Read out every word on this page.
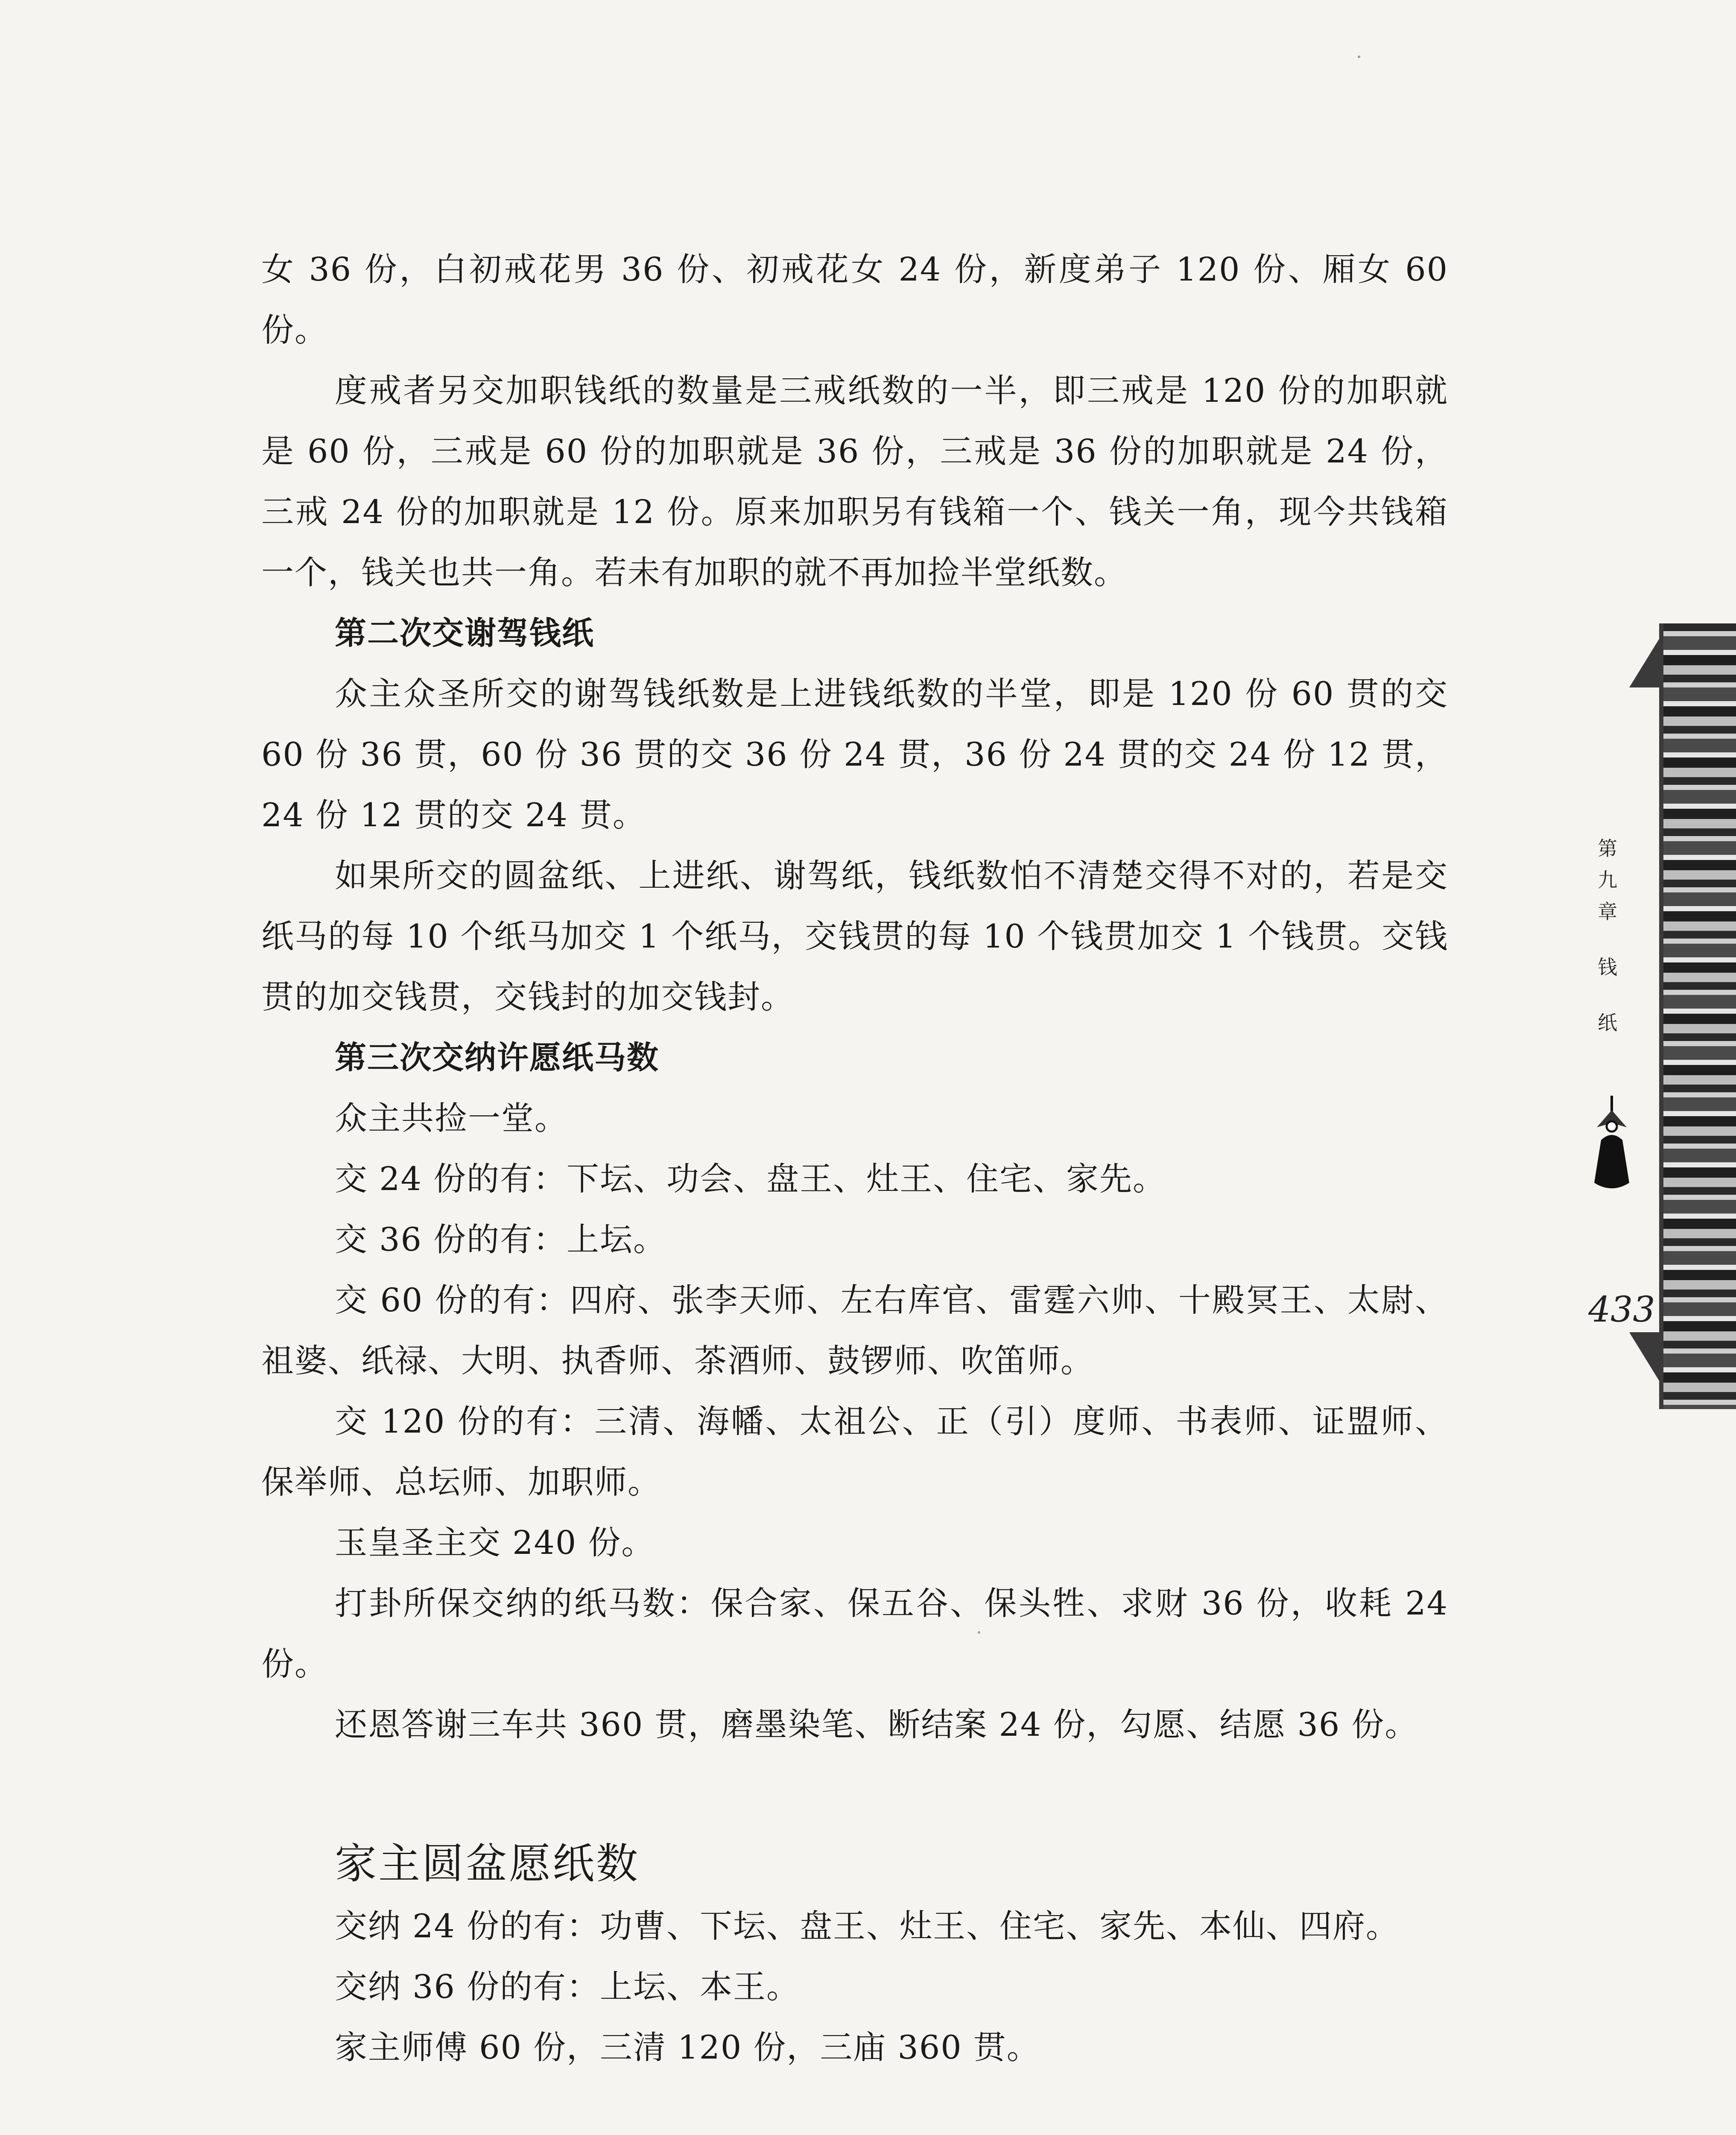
女 36 份，白初戒花男 36 份、初戒花女 24 份，新度弟子 120 份、厢女 60 份。

度戒者另交加职钱纸的数量是三戒纸数的一半，即三戒是 120 份的加职就是 60 份，三戒是 60 份的加职就是 36 份，三戒是 36 份的加职就是 24 份，三戒 24 份的加职就是 12 份。原来加职另有钱箱一个、钱关一角，现今共钱箱一个，钱关也共一角。若未有加职的就不再加捡半堂纸数。

第二次交谢驾钱纸

众主众圣所交的谢驾钱纸数是上进钱纸数的半堂，即是 120 份 60 贯的交 60 份 36 贯，60 份 36 贯的交 36 份 24 贯，36 份 24 贯的交 24 份 12 贯，24 份 12 贯的交 24 贯。

如果所交的圆盆纸、上进纸、谢驾纸，钱纸数怕不清楚交得不对的，若是交纸马的每 10 个纸马加交 1 个纸马，交钱贯的每 10 个钱贯加交 1 个钱贯。交钱贯的加交钱贯，交钱封的加交钱封。

第三次交纳许愿纸马数

众主共捡一堂。

交 24 份的有：下坛、功会、盘王、灶王、住宅、家先。

交 36 份的有：上坛。

交 60 份的有：四府、张李天师、左右库官、雷霆六帅、十殿冥王、太尉、祖婆、纸禄、大明、执香师、茶酒师、鼓锣师、吹笛师。

交 120 份的有：三清、海幡、太祖公、正（引）度师、书表师、证盟师、保举师、总坛师、加职师。

玉皇圣主交 240 份。

打卦所保交纳的纸马数：保合家、保五谷、保头牲、求财 36 份，收耗 24 份。

还恩答谢三车共 360 贯，磨墨染笔、断结案 24 份，勾愿、结愿 36 份。

家主圆盆愿纸数

交纳 24 份的有：功曹、下坛、盘王、灶王、住宅、家先、本仙、四府。

交纳 36 份的有：上坛、本王。

家主师傅 60 份，三清 120 份，三庙 360 贯。

第
九
章
钱
纸
433
